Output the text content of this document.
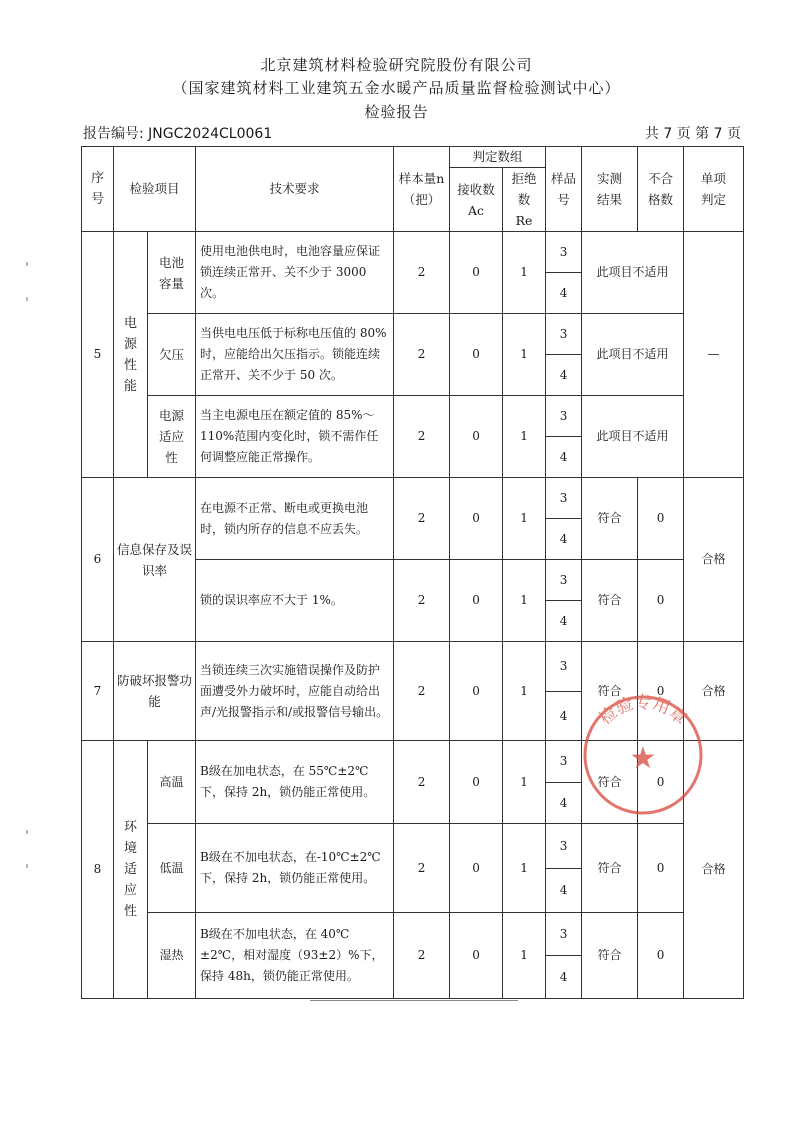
北京建筑材料检验研究院股份有限公司
（国家建筑材料工业建筑五金水暖产品质量监督检验测试中心）
检验报告
报告编号: JNGC2024CL0061	共 7 页 第 7 页
序号	检验项目		技术要求	样本量n（把）	判定数组		样品号	实测结果	不合格数	单项判定
					接收数 Ac	拒绝数 Re				
5	电源性能	电池容量	使用电池供电时，电池容量应保证锁连续正常开、关不少于 3000 次。	2	0	1	3	此项目不适用		—
							4			
		欠压	当供电电压低于标称电压值的 80%时，应能给出欠压指示。锁能连续正常开、关不少于 50 次。	2	0	1	3	此项目不适用		
							4			
		电源适应性	当主电源电压在额定值的 85%～110%范围内变化时，锁不需作任何调整应能正常操作。	2	0	1	3	此项目不适用		
							4			
6	信息保存及误识率		在电源不正常、断电或更换电池时，锁内所存的信息不应丢失。	2	0	1	3	符合	0	合格
							4			
			锁的误识率应不大于 1%。	2	0	1	3	符合	0	
							4			
7	防破坏报警功能		当锁连续三次实施错误操作及防护面遭受外力破坏时，应能自动给出声/光报警指示和/或报警信号输出。	2	0	1	3	符合	0	合格
							4			
8	环境适应性	高温	B级在加电状态，在 55℃±2℃下，保持 2h，锁仍能正常使用。	2	0	1	3	符合	0	合格
							4			
		低温	B级在不加电状态，在-10℃±2℃下，保持 2h，锁仍能正常使用。	2	0	1	3	符合	0	
							4			
		湿热	B级在不加电状态，在 40℃±2℃，相对湿度（93±2）%下，保持 48h，锁仍能正常使用。	2	0	1	3	符合	0	
							4			
检验专用章
★
